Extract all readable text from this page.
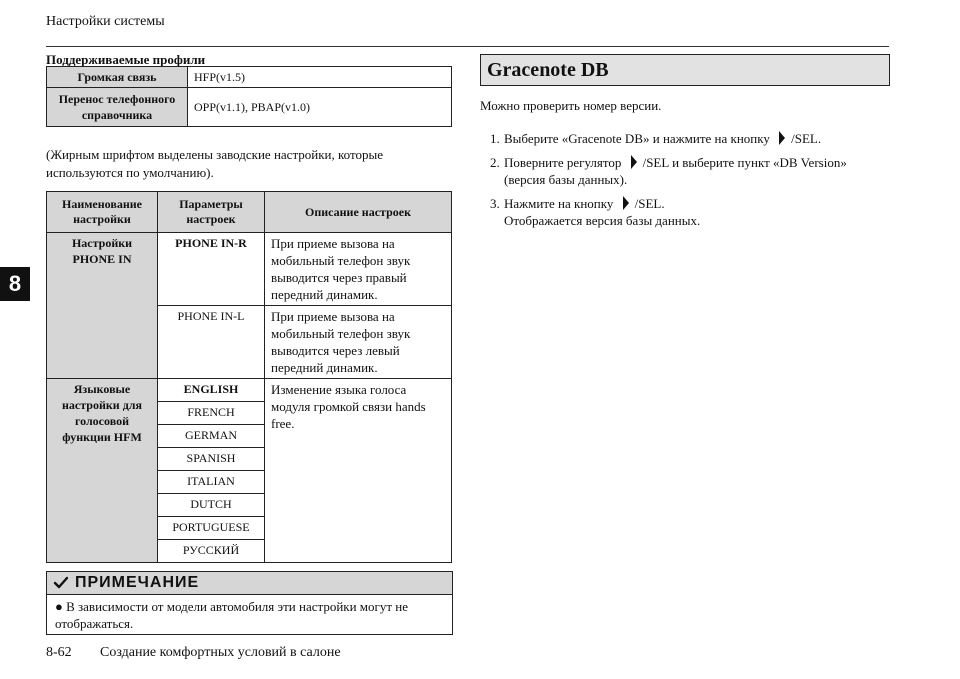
Настройки системы
8
Поддерживаемые профили
Громкая связь	HFP(v1.5)
Перенос телефонного справочника	OPP(v1.1), PBAP(v1.0)
(Жирным шрифтом выделены заводские настройки, которые используются по умолчанию).
Наименование настройки	Параметры настроек	Описание настроек
Настройки PHONE IN	PHONE IN-R	При приеме вызова на мобильный телефон звук выводится через правый передний динамик.
	PHONE IN-L	При приеме вызова на мобильный телефон звук выводится через левый передний динамик.
Языковые настройки для голосовой функции HFM	ENGLISH	Изменение языка голоса модуля громкой связи hands free.
	FRENCH	
	GERMAN	
	SPANISH	
	ITALIAN	
	DUTCH	
	PORTUGUESE	
	РУССКИЙ	
ПРИМЕЧАНИЕ
● В зависимости от модели автомобиля эти настройки могут не отображаться.
8-62 Создание комфортных условий в салоне
Gracenote DB
Можно проверить номер версии.
1. Выберите «Gracenote DB» и нажмите на кнопку /SEL.
2. Поверните регулятор /SEL и выберите пункт «DB Version» (версия базы данных).
3. Нажмите на кнопку /SEL.
Отображается версия базы данных.
